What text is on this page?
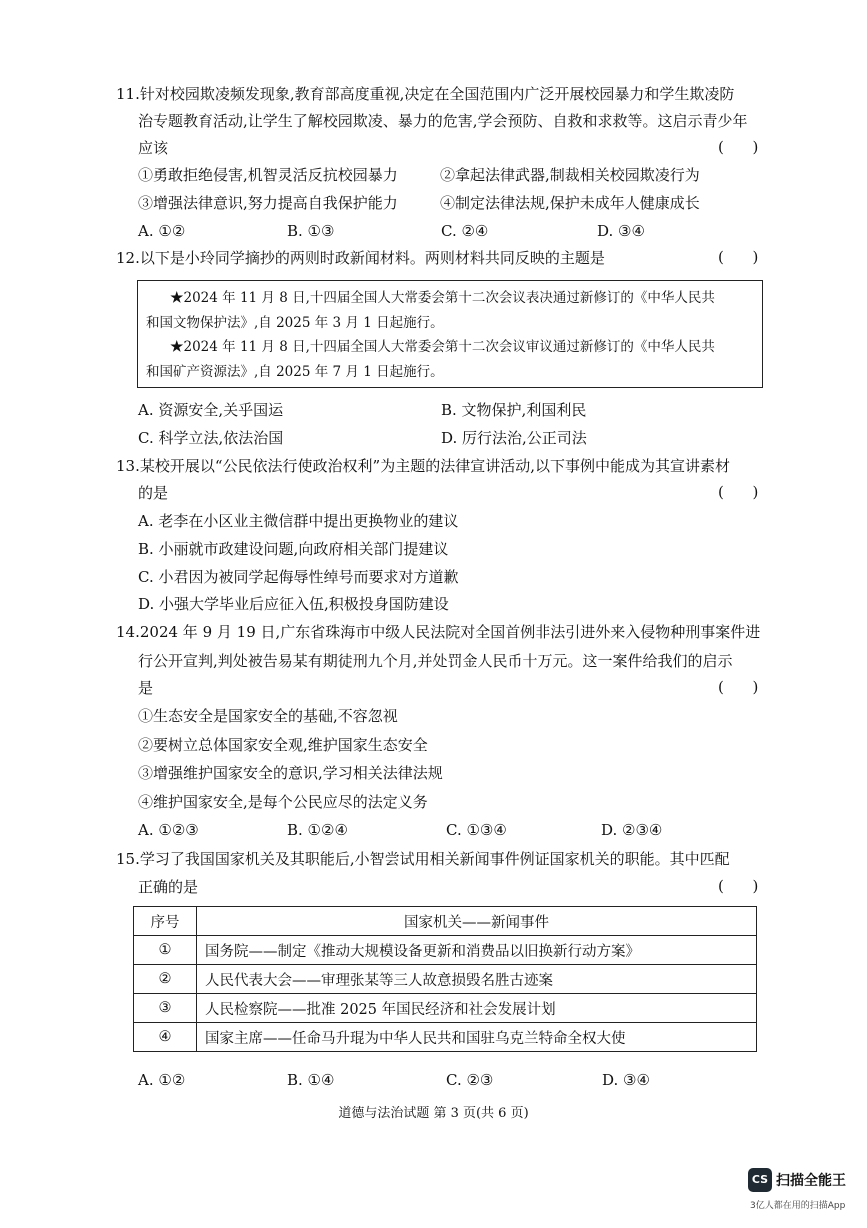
11.针对校园欺凌频发现象,教育部高度重视,决定在全国范围内广泛开展校园暴力和学生欺凌防
治专题教育活动,让学生了解校园欺凌、暴力的危害,学会预防、自救和求救等。这启示青少年
应该	(      )
①勇敢拒绝侵害,机智灵活反抗校园暴力	②拿起法律武器,制裁相关校园欺凌行为
③增强法律意识,努力提高自我保护能力	④制定法律法规,保护未成年人健康成长
A. ①②	B. ①③	C. ②④	D. ③④
12.以下是小玲同学摘抄的两则时政新闻材料。两则材料共同反映的主题是	(      )
★2024 年 11 月 8 日,十四届全国人大常委会第十二次会议表决通过新修订的《中华人民共
和国文物保护法》,自 2025 年 3 月 1 日起施行。
★2024 年 11 月 8 日,十四届全国人大常委会第十二次会议审议通过新修订的《中华人民共
和国矿产资源法》,自 2025 年 7 月 1 日起施行。
A. 资源安全,关乎国运	B. 文物保护,利国利民
C. 科学立法,依法治国	D. 厉行法治,公正司法
13.某校开展以“公民依法行使政治权利”为主题的法律宣讲活动,以下事例中能成为其宣讲素材
的是	(      )
A. 老李在小区业主微信群中提出更换物业的建议
B. 小丽就市政建设问题,向政府相关部门提建议
C. 小君因为被同学起侮辱性绰号而要求对方道歉
D. 小强大学毕业后应征入伍,积极投身国防建设
14.2024 年 9 月 19 日,广东省珠海市中级人民法院对全国首例非法引进外来入侵物种刑事案件进
行公开宣判,判处被告易某有期徒刑九个月,并处罚金人民币十万元。这一案件给我们的启示
是	(      )
①生态安全是国家安全的基础,不容忽视
②要树立总体国家安全观,维护国家生态安全
③增强维护国家安全的意识,学习相关法律法规
④维护国家安全,是每个公民应尽的法定义务
A. ①②③	B. ①②④	C. ①③④	D. ②③④
15.学习了我国国家机关及其职能后,小智尝试用相关新闻事件例证国家机关的职能。其中匹配
正确的是	(      )
序号	国家机关——新闻事件
①	国务院——制定《推动大规模设备更新和消费品以旧换新行动方案》
②	人民代表大会——审理张某等三人故意损毁名胜古迹案
③	人民检察院——批准 2025 年国民经济和社会发展计划
④	国家主席——任命马升琨为中华人民共和国驻乌克兰特命全权大使
A. ①②	B. ①④	C. ②③	D. ③④
道德与法治试题 第 3 页(共 6 页)
CS 扫描全能王
3亿人都在用的扫描App
